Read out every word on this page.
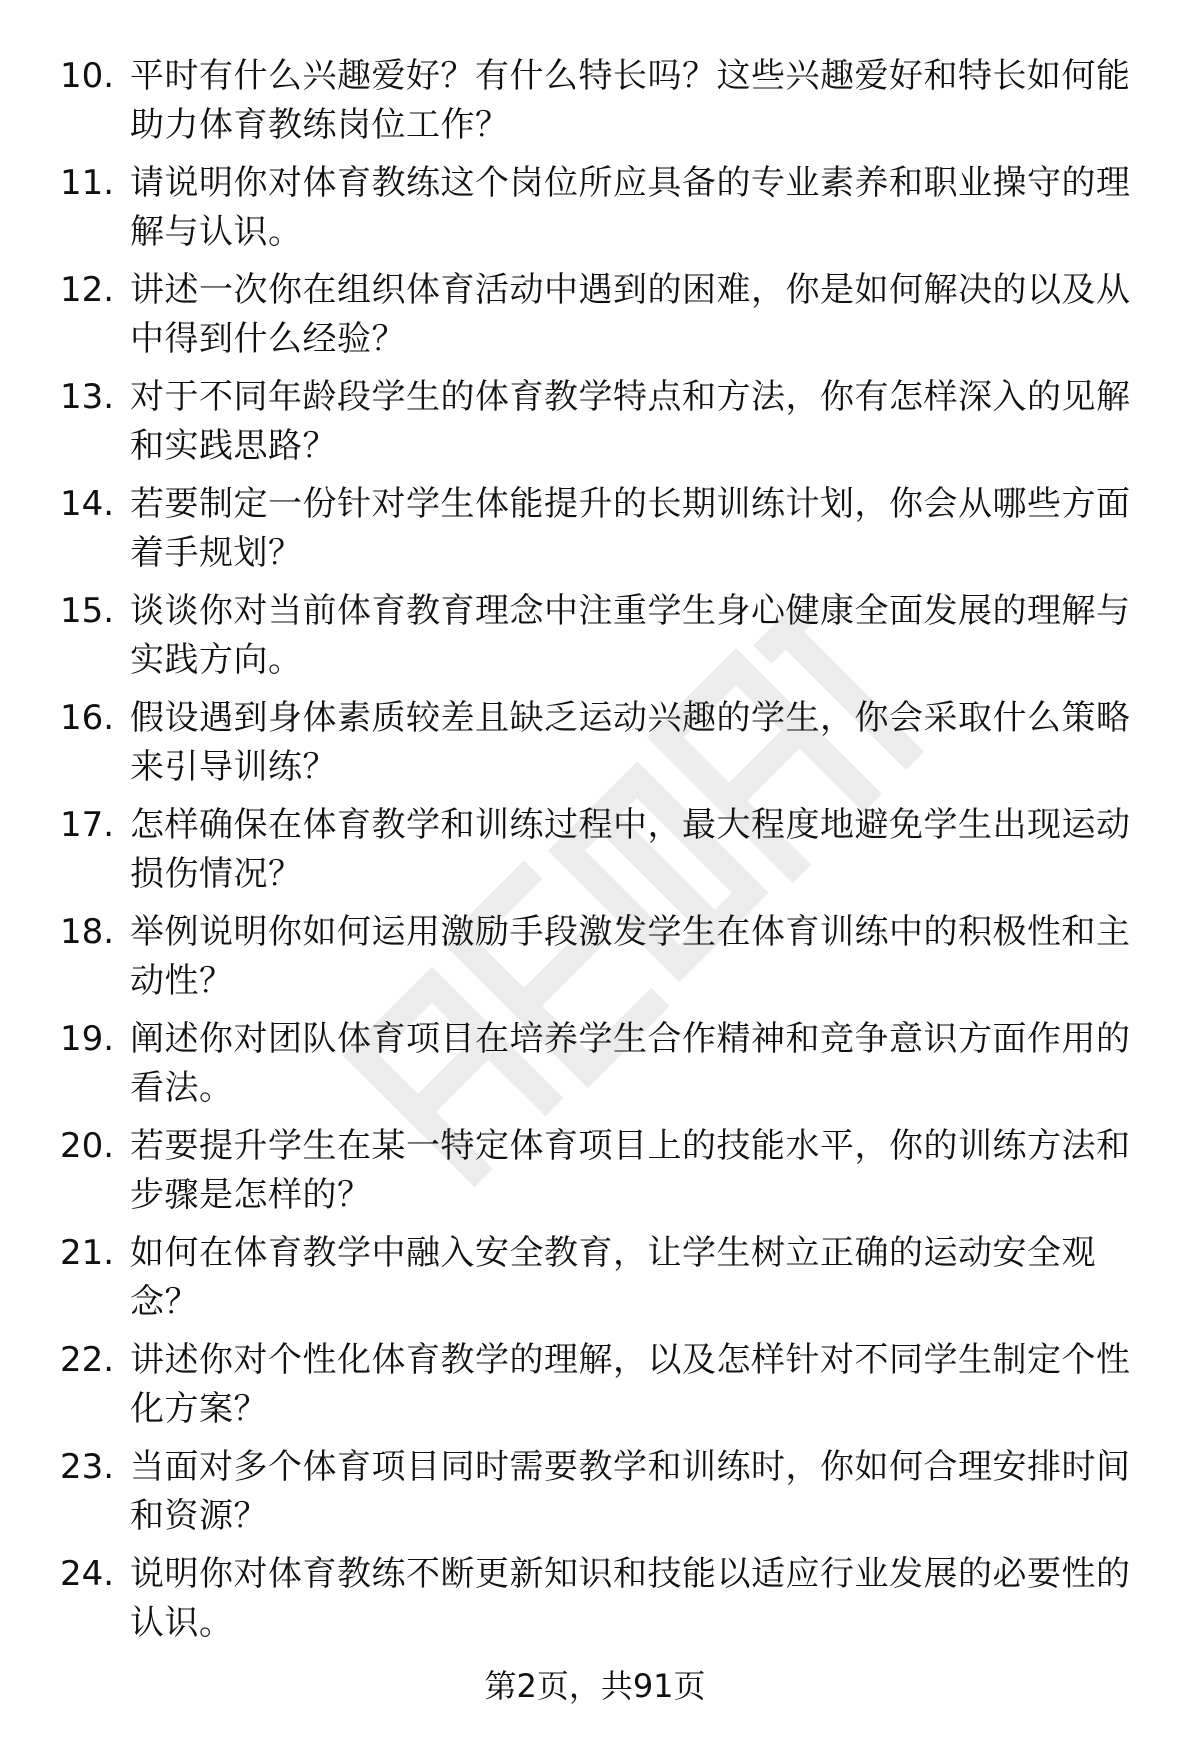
10. 平时有什么兴趣爱好？有什么特长吗？这些兴趣爱好和特长如何能助力体育教练岗位工作？
11. 请说明你对体育教练这个岗位所应具备的专业素养和职业操守的理解与认识。
12. 讲述一次你在组织体育活动中遇到的困难，你是如何解决的以及从中得到什么经验？
13. 对于不同年龄段学生的体育教学特点和方法，你有怎样深入的见解和实践思路？
14. 若要制定一份针对学生体能提升的长期训练计划，你会从哪些方面着手规划？
15. 谈谈你对当前体育教育理念中注重学生身心健康全面发展的理解与实践方向。
16. 假设遇到身体素质较差且缺乏运动兴趣的学生，你会采取什么策略来引导训练？
17. 怎样确保在体育教学和训练过程中，最大程度地避免学生出现运动损伤情况？
18. 举例说明你如何运用激励手段激发学生在体育训练中的积极性和主动性？
19. 阐述你对团队体育项目在培养学生合作精神和竞争意识方面作用的看法。
20. 若要提升学生在某一特定体育项目上的技能水平，你的训练方法和步骤是怎样的？
21. 如何在体育教学中融入安全教育，让学生树立正确的运动安全观念？
22. 讲述你对个性化体育教学的理解，以及怎样针对不同学生制定个性化方案？
23. 当面对多个体育项目同时需要教学和训练时，你如何合理安排时间和资源？
24. 说明你对体育教练不断更新知识和技能以适应行业发展的必要性的认识。
第2页，共91页
